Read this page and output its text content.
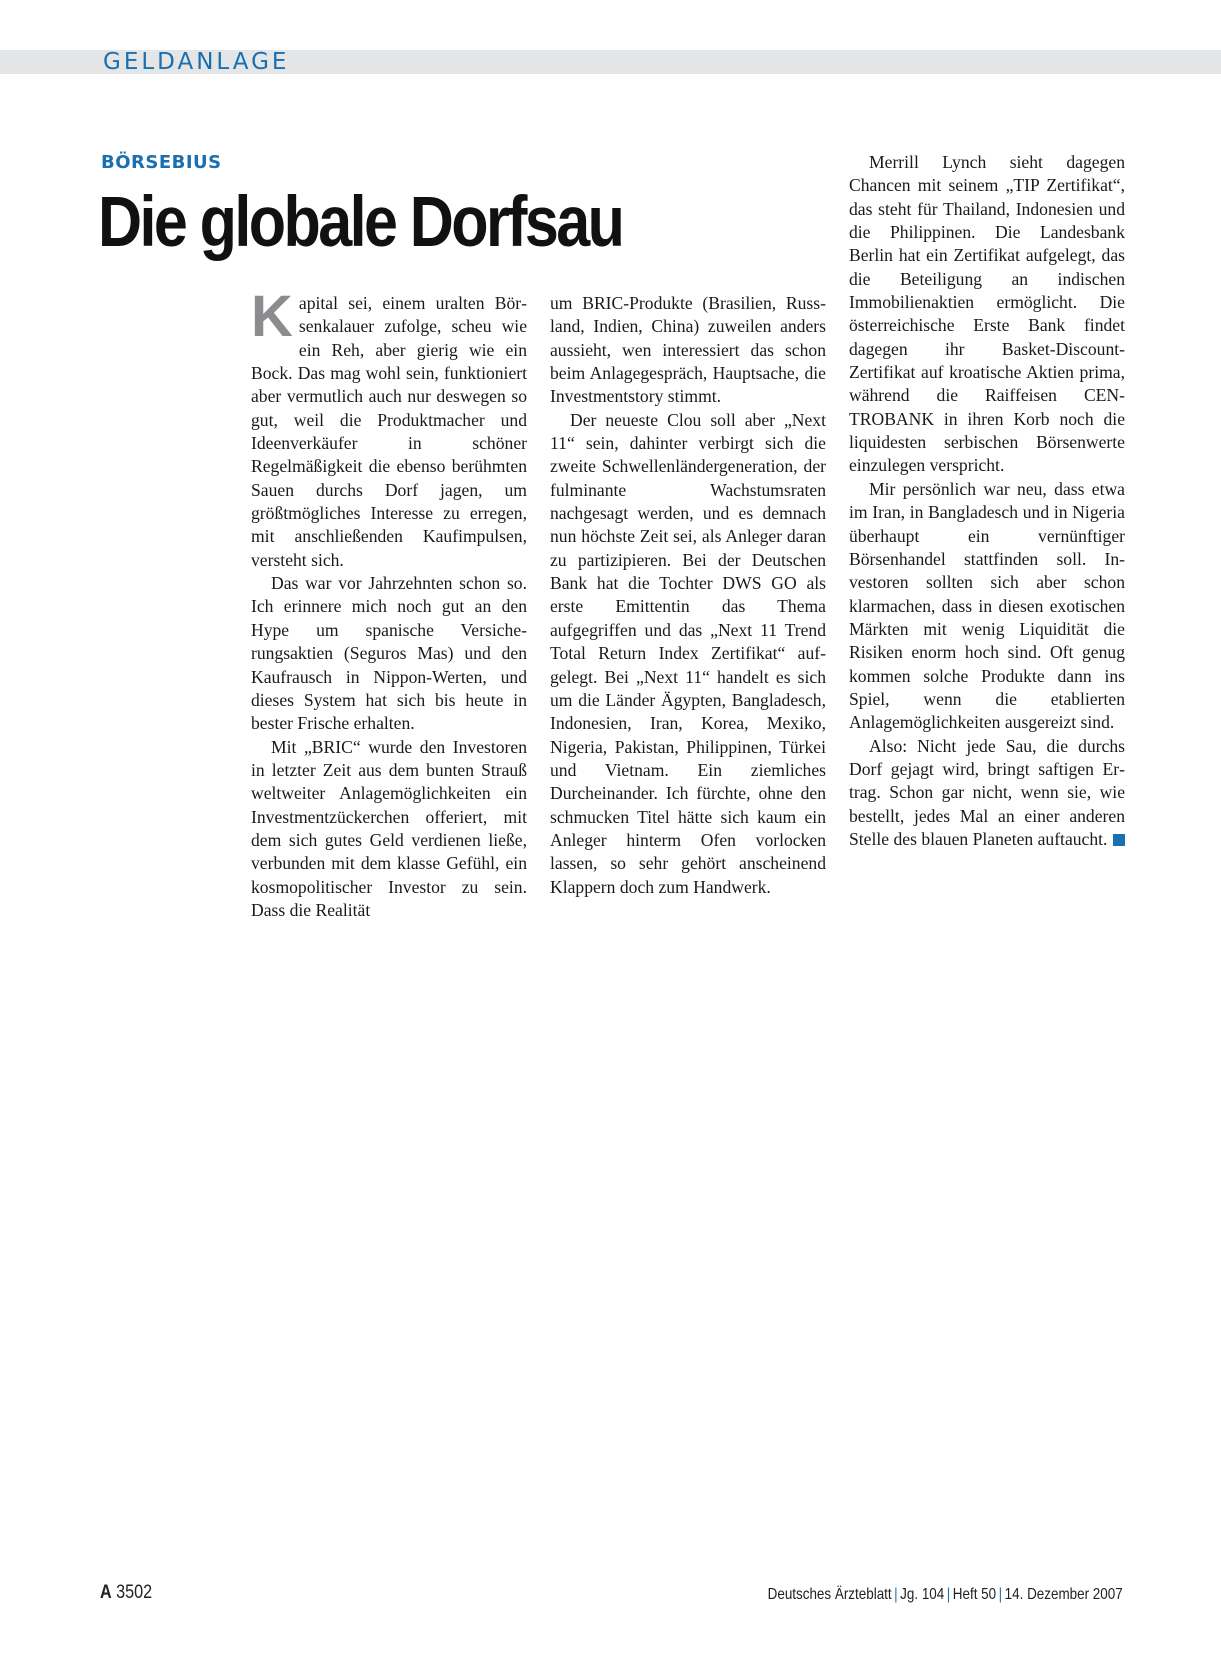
GELDANLAGE
BÖRSEBIUS
Die globale Dorfsau

Kapital sei, einem uralten Börsenkalauer zufolge, scheu wie ein Reh, aber gierig wie ein Bock. Das mag wohl sein, funktioniert aber vermutlich auch nur deswegen so gut, weil die Produktmacher und Ideenverkäufer in schöner Regelmäßigkeit die ebenso berühmten Sauen durchs Dorf jagen, um größtmögliches Interesse zu erregen, mit anschließenden Kaufimpulsen, versteht sich.

Das war vor Jahrzehnten schon so. Ich erinnere mich noch gut an den Hype um spanische Versicherungsaktien (Seguros Mas) und den Kaufrausch in Nippon-Werten, und dieses System hat sich bis heute in bester Frische erhalten.

Mit „BRIC“ wurde den Investoren in letzter Zeit aus dem bunten Strauß weltweiter Anlagemöglichkeiten ein Investmentzückerchen offeriert, mit dem sich gutes Geld verdienen ließe, verbunden mit dem klasse Gefühl, ein kosmopolitischer Investor zu sein. Dass die Realität

um BRIC-Produkte (Brasilien, Russland, Indien, China) zuweilen anders aussieht, wen interessiert das schon beim Anlagegespräch, Hauptsache, die Investmentstory stimmt.

Der neueste Clou soll aber „Next 11“ sein, dahinter verbirgt sich die zweite Schwellenländergeneration, der fulminante Wachstumsraten nachgesagt werden, und es demnach nun höchste Zeit sei, als Anleger daran zu partizipieren. Bei der Deutschen Bank hat die Tochter DWS GO als erste Emittentin das Thema aufgegriffen und das „Next 11 Trend Total Return Index Zertifikat“ aufgelegt. Bei „Next 11“ handelt es sich um die Länder Ägypten, Bangladesch, Indonesien, Iran, Korea, Mexiko, Nigeria, Pakistan, Philippinen, Türkei und Vietnam. Ein ziemliches Durcheinander. Ich fürchte, ohne den schmucken Titel hätte sich kaum ein Anleger hinterm Ofen vorlocken lassen, so sehr gehört anscheinend Klappern doch zum Handwerk.

Merrill Lynch sieht dagegen Chancen mit seinem „TIP Zertifikat“, das steht für Thailand, Indonesien und die Philippinen. Die Landesbank Berlin hat ein Zertifikat aufgelegt, das die Beteiligung an indischen Immobilienaktien ermöglicht. Die österreichische Erste Bank findet dagegen ihr Basket-Discount-Zertifikat auf kroatische Aktien prima, während die Raiffeisen CENTROBANK in ihren Korb noch die liquidesten serbischen Börsenwerte einzulegen verspricht.

Mir persönlich war neu, dass etwa im Iran, in Bangladesch und in Nigeria überhaupt ein vernünftiger Börsenhandel stattfinden soll. Investoren sollten sich aber schon klarmachen, dass in diesen exotischen Märkten mit wenig Liquidität die Risiken enorm hoch sind. Oft genug kommen solche Produkte dann ins Spiel, wenn die etablierten Anlagemöglichkeiten ausgereizt sind.

Also: Nicht jede Sau, die durchs Dorf gejagt wird, bringt saftigen Ertrag. Schon gar nicht, wenn sie, wie bestellt, jedes Mal an einer anderen Stelle des blauen Planeten auftaucht.

A 3502	Deutsches Ärzteblatt | Jg. 104 | Heft 50 | 14. Dezember 2007
